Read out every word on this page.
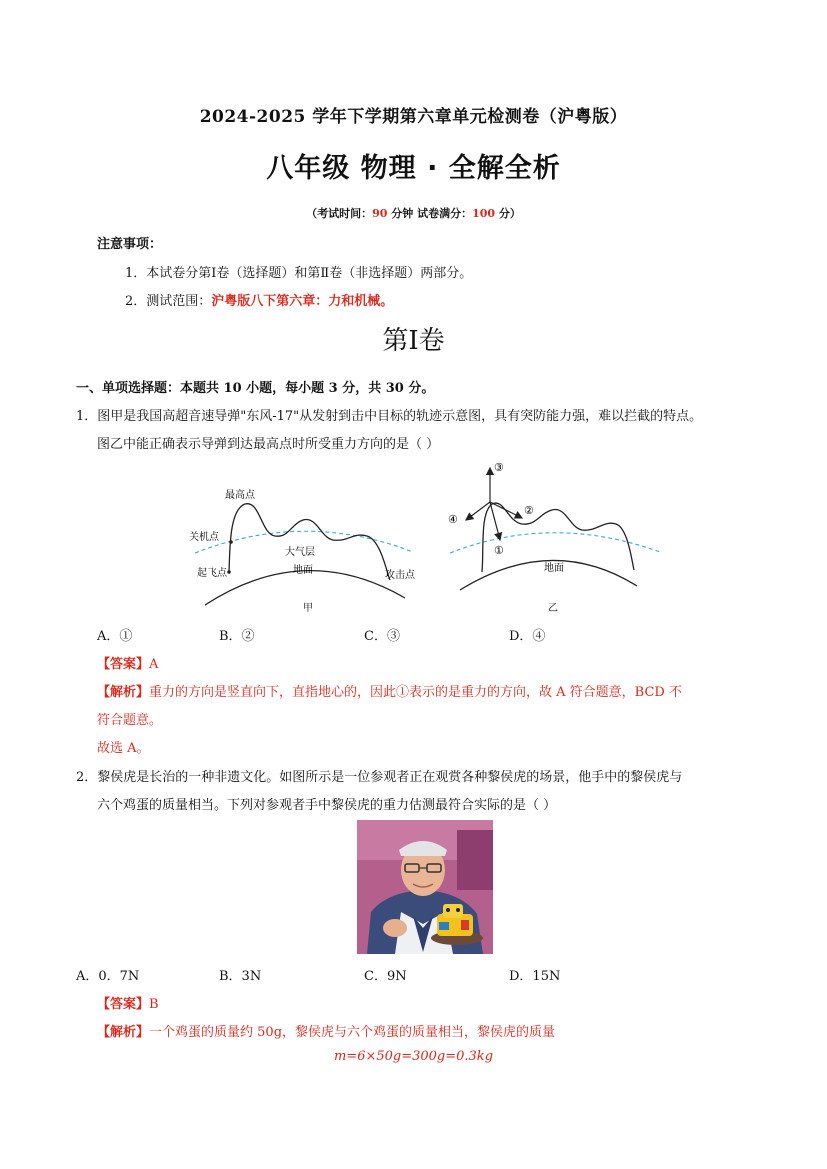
2024-2025 学年下学期第六章单元检测卷（沪粤版）
八年级 物理 · 全解全析
（考试时间：90 分钟 试卷满分：100 分）
注意事项：
1．本试卷分第Ⅰ卷（选择题）和第Ⅱ卷（非选择题）两部分。
2．测试范围：沪粤版八下第六章：力和机械。
第Ⅰ卷
一、单项选择题：本题共 10 小题，每小题 3 分，共 30 分。
1．图甲是我国高超音速导弹"东风-17"从发射到击中目标的轨迹示意图，具有突防能力强，难以拦截的特点。
图乙中能正确表示导弹到达最高点时所受重力方向的是（ ）
最高点
关机点
大气层
起飞点	地面	攻击点
甲
③
②
④
①
地面
乙
A．①	B．②	C．③	D．④
【答案】A
【解析】重力的方向是竖直向下，直指地心的，因此①表示的是重力的方向，故 A 符合题意，BCD 不
符合题意。
故选 A。
2．黎侯虎是长治的一种非遗文化。如图所示是一位参观者正在观赏各种黎侯虎的场景，他手中的黎侯虎与
六个鸡蛋的质量相当。下列对参观者手中黎侯虎的重力估测最符合实际的是（ ）
A．0．7N	B．3N	C．9N	D．15N
【答案】B
【解析】一个鸡蛋的质量约 50g，黎侯虎与六个鸡蛋的质量相当，黎侯虎的质量
m=6×50g=300g=0.3kg
